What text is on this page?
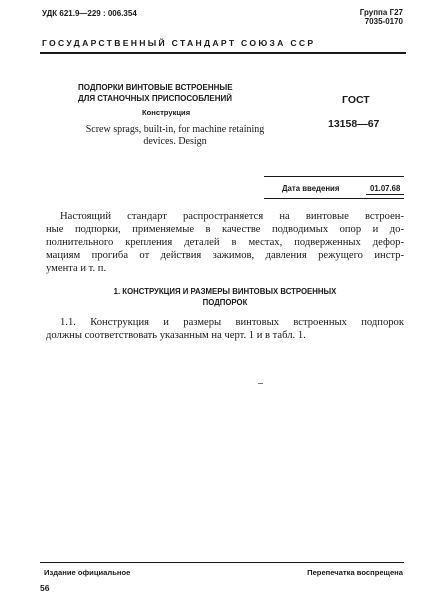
УДК 621.9—229 : 006.354	Группа Г27
7035-0170
ГОСУДАРСТВЕННЫЙ СТАНДАРТ СОЮЗА ССР
ПОДПОРКИ ВИНТОВЫЕ ВСТРОЕННЫЕ
ДЛЯ СТАНОЧНЫХ ПРИСПОСОБЛЕНИЙ
Конструкция
Screw sprags, built-in, for machine retaining
devices. Design
ГОСТ
13158—67
Дата введения	01.07.68
Настоящий стандарт распространяется на винтовые встроен-
ные подпорки, применяемые в качестве подводимых опор и до-
полнительного крепления деталей в местах, подверженных дефор-
мациям прогиба от действия зажимов, давления режущего инстр-
умента и т. п.
1. КОНСТРУКЦИЯ И РАЗМЕРЫ ВИНТОВЫХ ВСТРОЕННЫХ
ПОДПОРОК
1.1. Конструкция и размеры винтовых встроенных подпорок
должны соответствовать указанным на черт. 1 и в табл. 1.
Издание официальное	Перепечатка воспрещена
56
